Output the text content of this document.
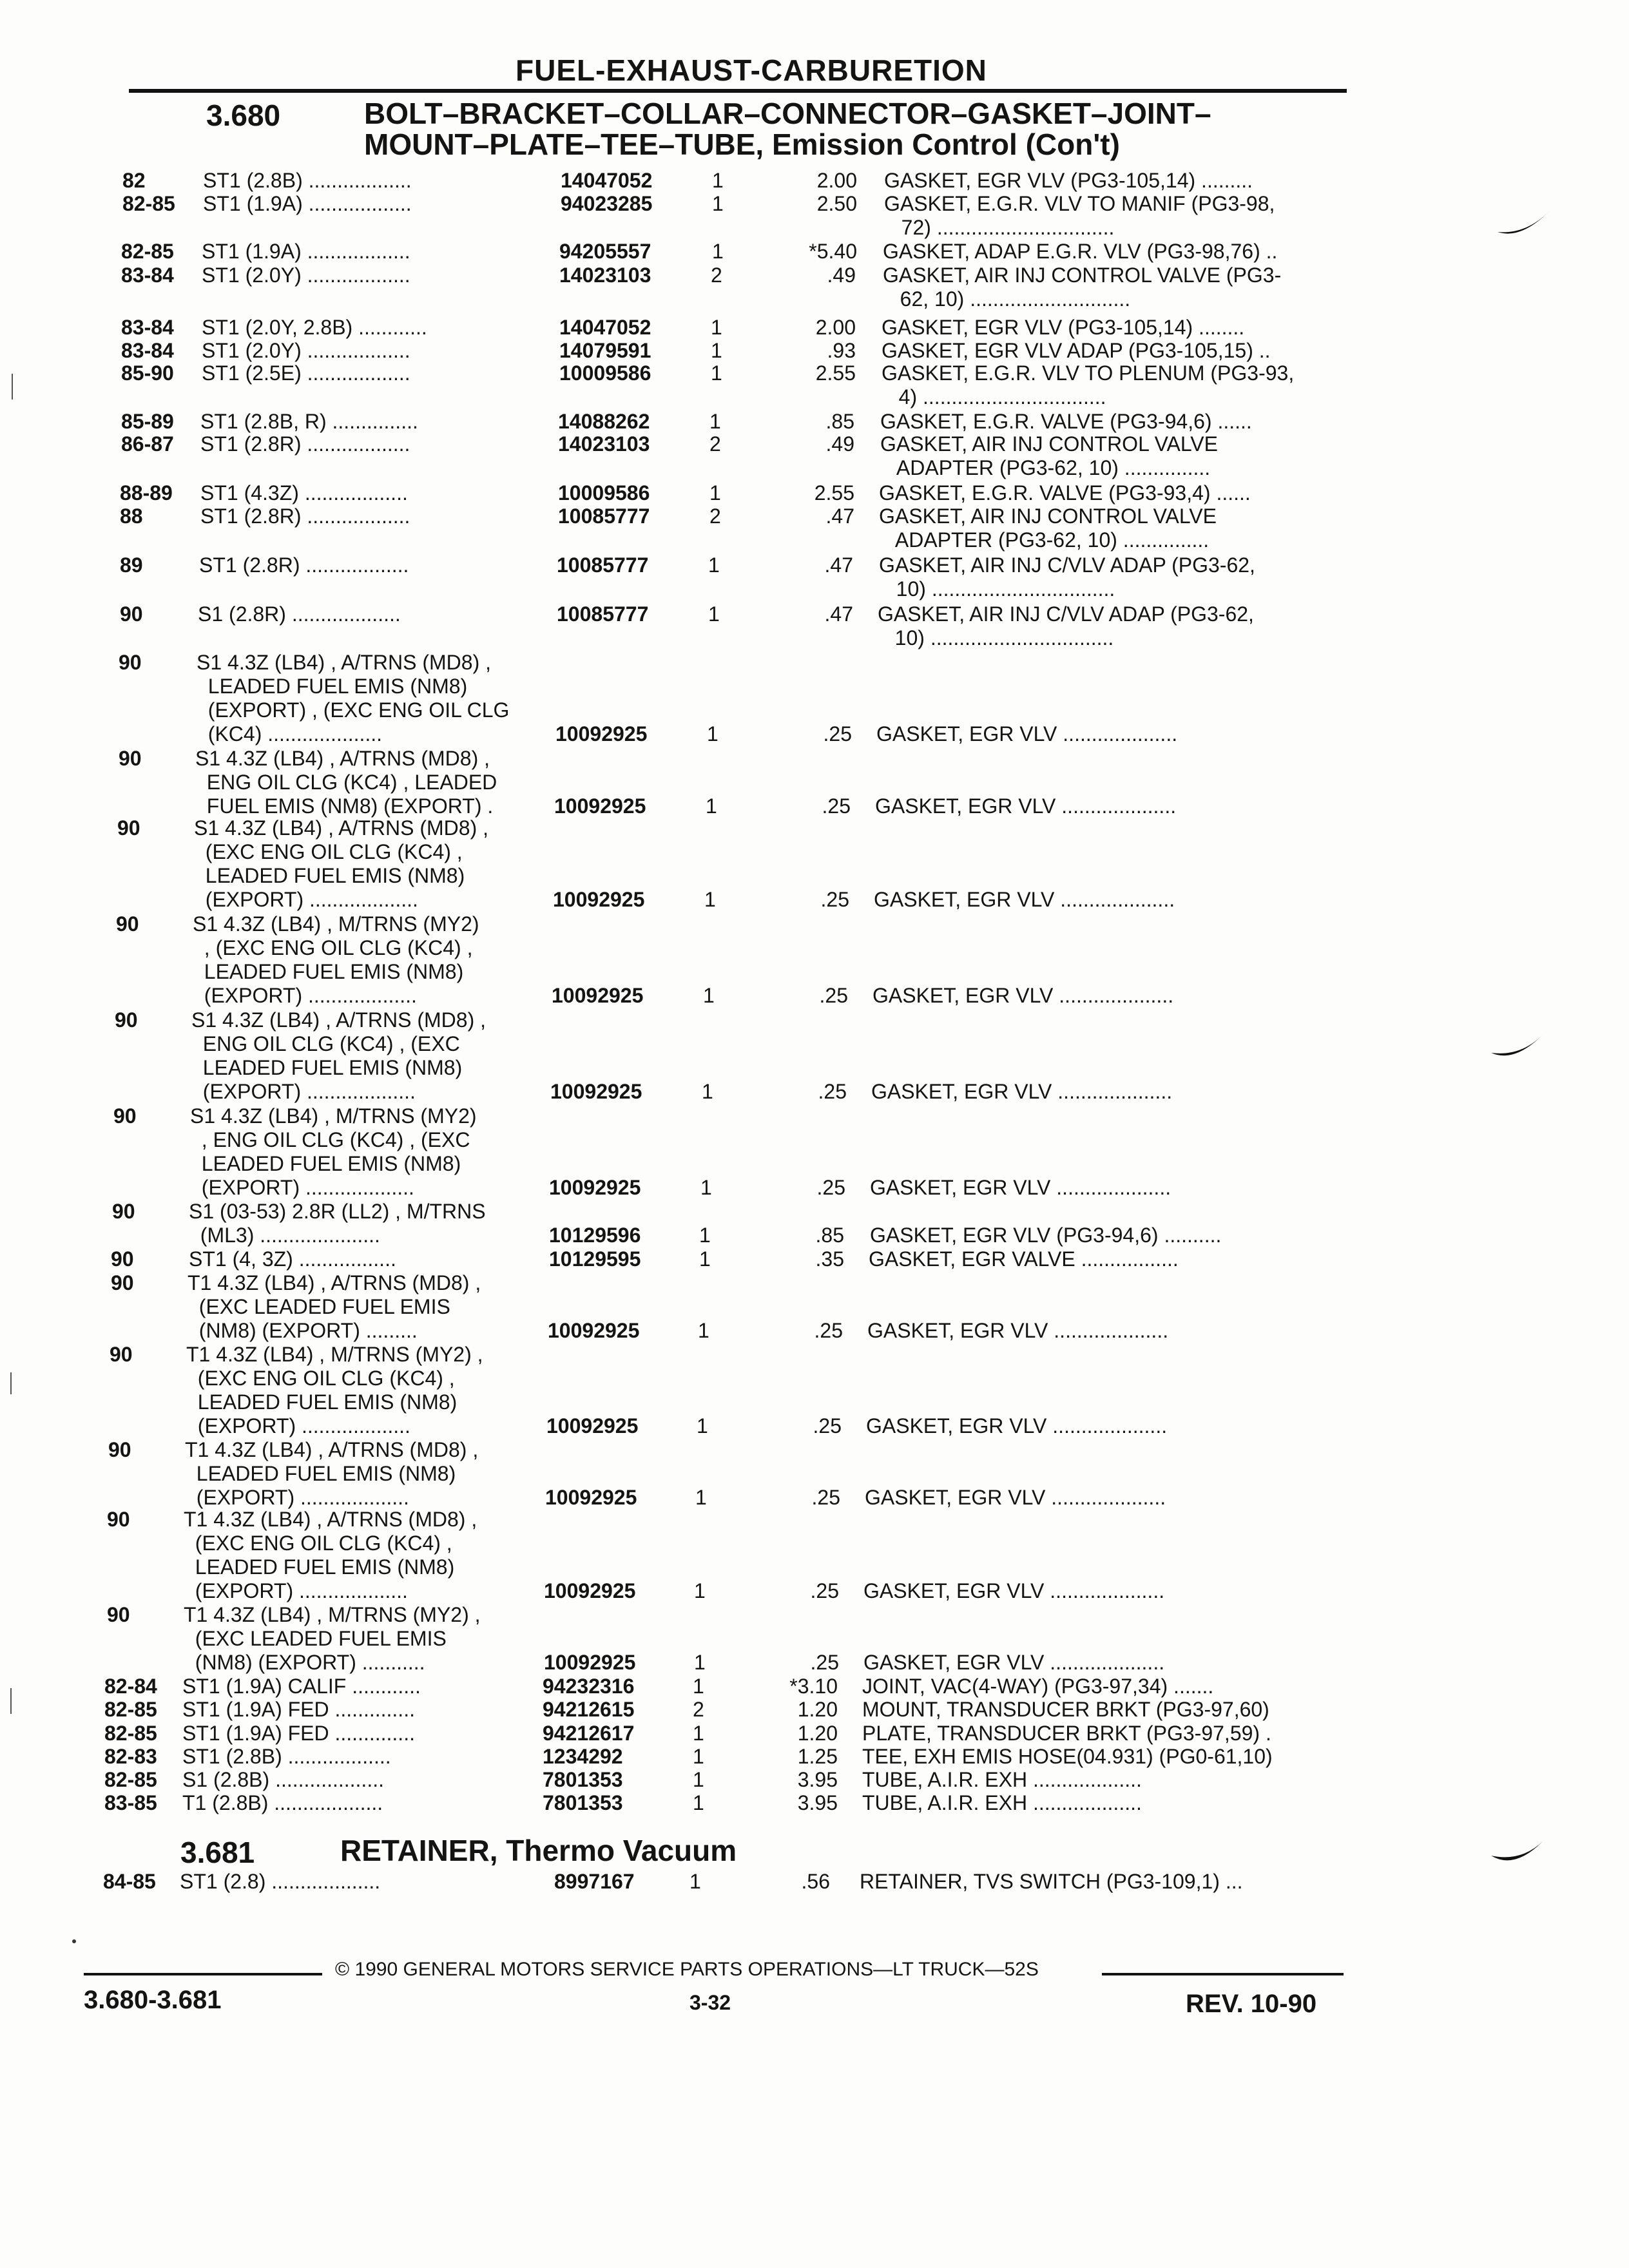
FUEL-EXHAUST-CARBURETION
3.680	BOLT–BRACKET–COLLAR–CONNECTOR–GASKET–JOINT–
MOUNT–PLATE–TEE–TUBE, Emission Control (Con't)
3.681	RETAINER, Thermo Vacuum
82	ST1 (2.8B) ..................	14047052	1	2.00 GASKET, EGR VLV (PG3-105,14) .........
82-85	ST1 (1.9A) ..................	94023285	1	2.50 GASKET, E.G.R. VLV TO MANIF (PG3-98,
72) ...............................
82-85	ST1 (1.9A) ..................	94205557	1	*5.40 GASKET, ADAP E.G.R. VLV (PG3-98,76) ..
83-84	ST1 (2.0Y) ..................	14023103	2	.49 GASKET, AIR INJ CONTROL VALVE (PG3-
62, 10) ............................
83-84	ST1 (2.0Y, 2.8B) ............	14047052	1	2.00 GASKET, EGR VLV (PG3-105,14) ........
83-84	ST1 (2.0Y) ..................	14079591	1	.93 GASKET, EGR VLV ADAP (PG3-105,15) ..
85-90	ST1 (2.5E) ..................	10009586	1	2.55 GASKET, E.G.R. VLV TO PLENUM (PG3-93,
4) ................................
85-89	ST1 (2.8B, R) ...............	14088262	1	.85 GASKET, E.G.R. VALVE (PG3-94,6) ......
86-87	ST1 (2.8R) ..................	14023103	2	.49 GASKET, AIR INJ CONTROL VALVE
ADAPTER (PG3-62, 10) ...............
88-89	ST1 (4.3Z) ..................	10009586	1	2.55 GASKET, E.G.R. VALVE (PG3-93,4) ......
88	ST1 (2.8R) ..................	10085777	2	.47 GASKET, AIR INJ CONTROL VALVE
ADAPTER (PG3-62, 10) ...............
89	ST1 (2.8R) ..................	10085777	1	.47 GASKET, AIR INJ C/VLV ADAP (PG3-62,
10) ................................
90	S1 (2.8R) ...................	10085777	1	.47 GASKET, AIR INJ C/VLV ADAP (PG3-62,
10) ................................
90	S1 4.3Z (LB4) , A/TRNS (MD8) ,
LEADED FUEL EMIS (NM8)
(EXPORT) , (EXC ENG OIL CLG
(KC4) ....................	10092925	1	.25 GASKET, EGR VLV ....................
90	S1 4.3Z (LB4) , A/TRNS (MD8) ,
ENG OIL CLG (KC4) , LEADED
FUEL EMIS (NM8) (EXPORT) .	10092925	1	.25 GASKET, EGR VLV ....................
90	S1 4.3Z (LB4) , A/TRNS (MD8) ,
(EXC ENG OIL CLG (KC4) ,
LEADED FUEL EMIS (NM8)
(EXPORT) ...................	10092925	1	.25 GASKET, EGR VLV ....................
90	S1 4.3Z (LB4) , M/TRNS (MY2)
, (EXC ENG OIL CLG (KC4) ,
LEADED FUEL EMIS (NM8)
(EXPORT) ...................	10092925	1	.25 GASKET, EGR VLV ....................
90	S1 4.3Z (LB4) , A/TRNS (MD8) ,
ENG OIL CLG (KC4) , (EXC
LEADED FUEL EMIS (NM8)
(EXPORT) ...................	10092925	1	.25 GASKET, EGR VLV ....................
90	S1 4.3Z (LB4) , M/TRNS (MY2)
, ENG OIL CLG (KC4) , (EXC
LEADED FUEL EMIS (NM8)
(EXPORT) ...................	10092925	1	.25 GASKET, EGR VLV ....................
90	S1 (03-53) 2.8R (LL2) , M/TRNS
(ML3) .....................	10129596	1	.85 GASKET, EGR VLV (PG3-94,6) ..........
90	ST1 (4, 3Z) .................	10129595	1	.35 GASKET, EGR VALVE .................
90	T1 4.3Z (LB4) , A/TRNS (MD8) ,
(EXC LEADED FUEL EMIS
(NM8) (EXPORT) .........	10092925	1	.25 GASKET, EGR VLV ....................
90	T1 4.3Z (LB4) , M/TRNS (MY2) ,
(EXC ENG OIL CLG (KC4) ,
LEADED FUEL EMIS (NM8)
(EXPORT) ...................	10092925	1	.25 GASKET, EGR VLV ....................
90	T1 4.3Z (LB4) , A/TRNS (MD8) ,
LEADED FUEL EMIS (NM8)
(EXPORT) ...................	10092925	1	.25 GASKET, EGR VLV ....................
90	T1 4.3Z (LB4) , A/TRNS (MD8) ,
(EXC ENG OIL CLG (KC4) ,
LEADED FUEL EMIS (NM8)
(EXPORT) ...................	10092925	1	.25 GASKET, EGR VLV ....................
90	T1 4.3Z (LB4) , M/TRNS (MY2) ,
(EXC LEADED FUEL EMIS
(NM8) (EXPORT) ...........	10092925	1	.25 GASKET, EGR VLV ....................
82-84	ST1 (1.9A) CALIF ............	94232316	1	*3.10 JOINT, VAC(4-WAY) (PG3-97,34) .......
82-85	ST1 (1.9A) FED ..............	94212615	2	1.20 MOUNT, TRANSDUCER BRKT (PG3-97,60)
82-85	ST1 (1.9A) FED ..............	94212617	1	1.20 PLATE, TRANSDUCER BRKT (PG3-97,59) .
82-83	ST1 (2.8B) ..................	1234292	1	1.25 TEE, EXH EMIS HOSE(04.931) (PG0-61,10)
82-85	S1 (2.8B) ...................	7801353	1	3.95 TUBE, A.I.R. EXH ...................
83-85	T1 (2.8B) ...................	7801353	1	3.95 TUBE, A.I.R. EXH ...................
84-85	ST1 (2.8) ...................	8997167	1	.56 RETAINER, TVS SWITCH (PG3-109,1) ...
© 1990 GENERAL MOTORS SERVICE PARTS OPERATIONS—LT TRUCK—52S
3.680-3.681	3-32	REV. 10-90
